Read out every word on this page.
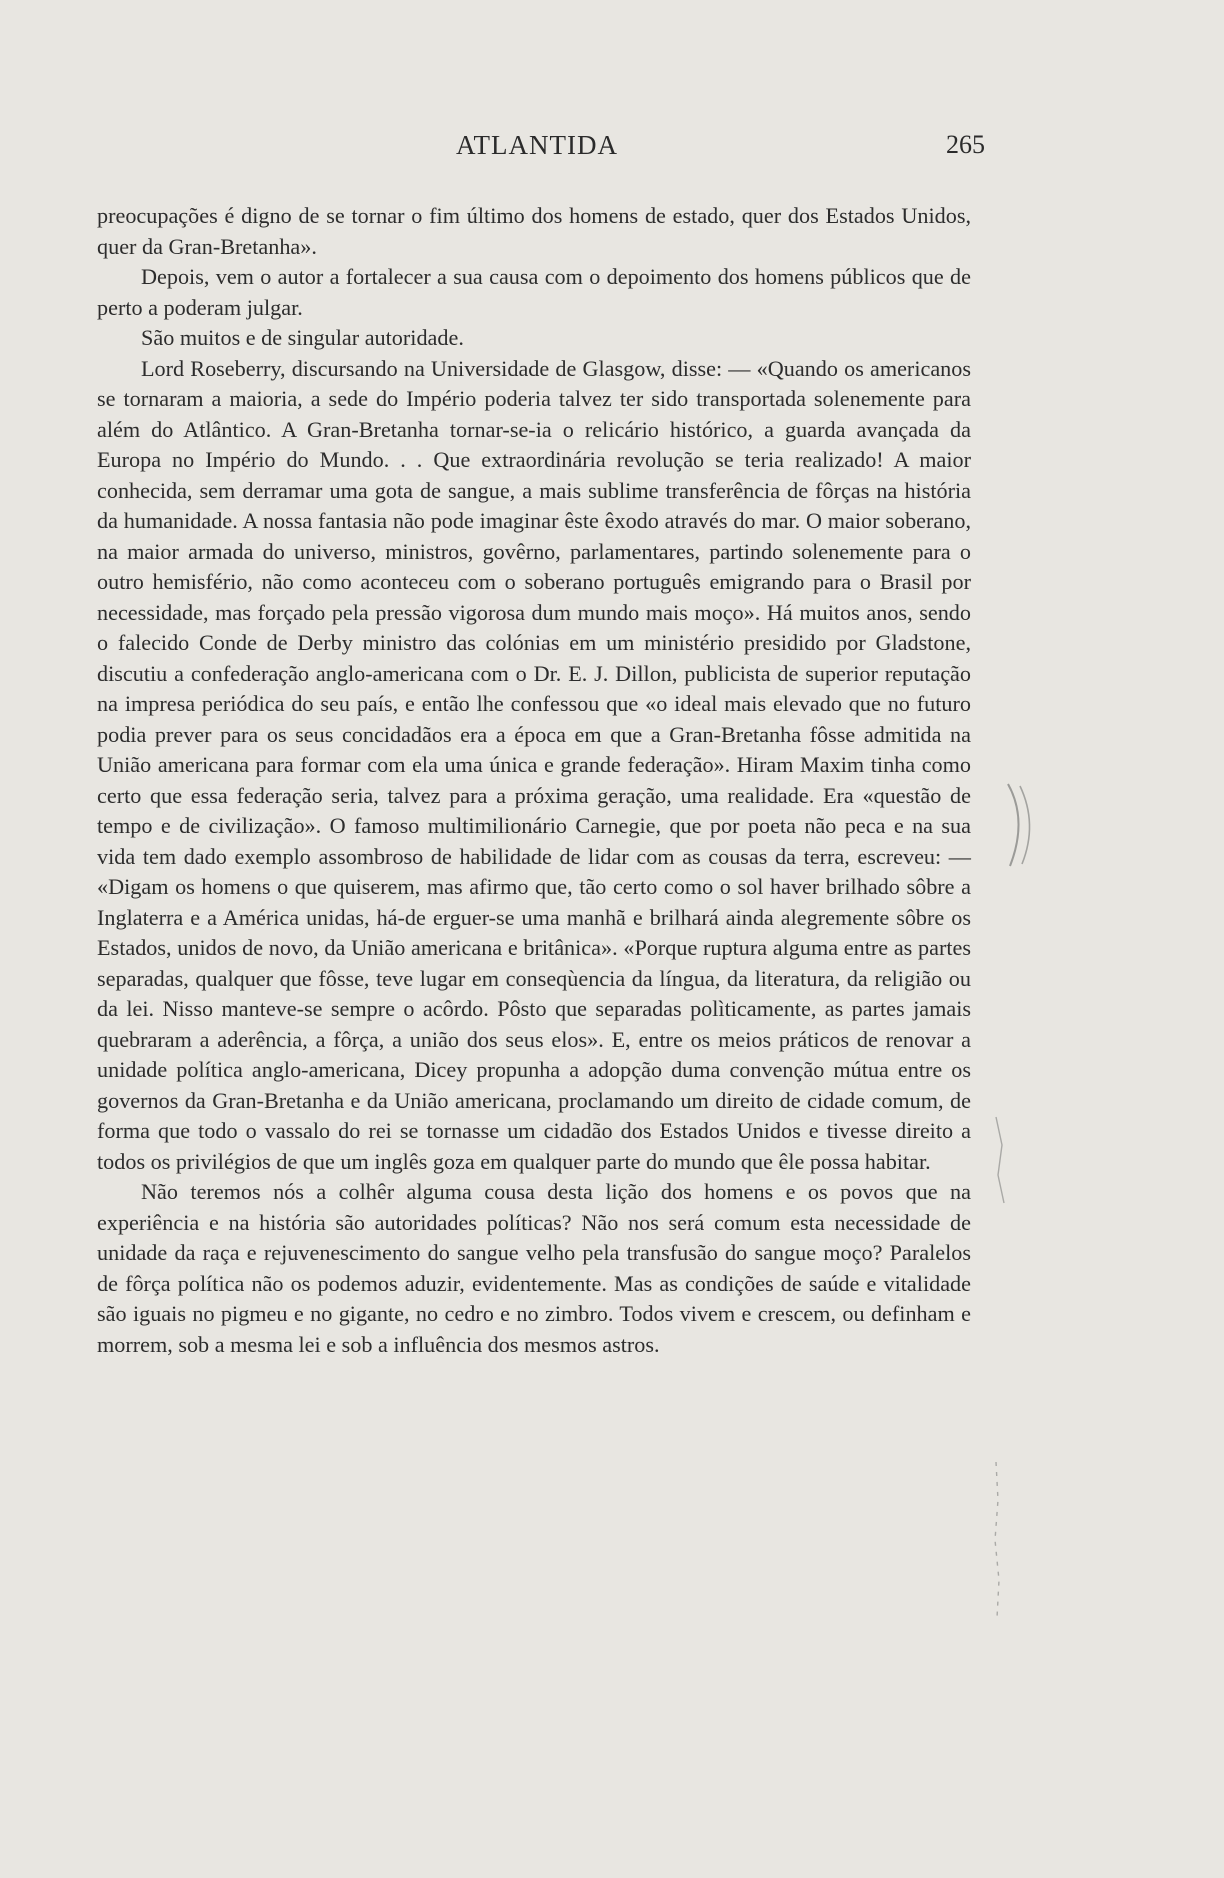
ATLANTIDA	265

preocupações é digno de se tornar o fim último dos homens de estado, quer dos Estados Unidos, quer da Gran-Bretanha».

Depois, vem o autor a fortalecer a sua causa com o depoimento dos homens públicos que de perto a poderam julgar.

São muitos e de singular autoridade.

Lord Roseberry, discursando na Universidade de Glasgow, disse: — «Quando os americanos se tornaram a maioria, a sede do Império poderia talvez ter sido transportada solenemente para além do Atlântico. A Gran-Bretanha tornar-se-ia o relicário histórico, a guarda avançada da Europa no Império do Mundo. . . Que extraordinária revolução se teria realizado! A maior conhecida, sem derramar uma gota de sangue, a mais sublime transferência de fôrças na história da humanidade. A nossa fantasia não pode imaginar êste êxodo através do mar. O maior soberano, na maior armada do universo, ministros, govêrno, parlamentares, partindo solenemente para o outro hemisfério, não como aconteceu com o soberano português emigrando para o Brasil por necessidade, mas forçado pela pressão vigorosa dum mundo mais moço». Há muitos anos, sendo o falecido Conde de Derby ministro das colónias em um ministério presidido por Gladstone, discutiu a confederação anglo-americana com o Dr. E. J. Dillon, publicista de superior reputação na impresa periódica do seu país, e então lhe confessou que «o ideal mais elevado que no futuro podia prever para os seus concidadãos era a época em que a Gran-Bretanha fôsse admitida na União americana para formar com ela uma única e grande federação». Hiram Maxim tinha como certo que essa federação seria, talvez para a próxima geração, uma realidade. Era «questão de tempo e de civilização». O famoso multimilionário Carnegie, que por poeta não peca e na sua vida tem dado exemplo assombroso de habilidade de lidar com as cousas da terra, escreveu: — «Digam os homens o que quiserem, mas afirmo que, tão certo como o sol haver brilhado sôbre a Inglaterra e a América unidas, há-de erguer-se uma manhã e brilhará ainda alegremente sôbre os Estados, unidos de novo, da União americana e britânica». «Porque ruptura alguma entre as partes separadas, qualquer que fôsse, teve lugar em conseqùencia da língua, da literatura, da religião ou da lei. Nisso manteve-se sempre o acôrdo. Pôsto que separadas polìticamente, as partes jamais quebraram a aderência, a fôrça, a união dos seus elos». E, entre os meios práticos de renovar a unidade política anglo-americana, Dicey propunha a adopção duma convenção mútua entre os governos da Gran-Bretanha e da União americana, proclamando um direito de cidade comum, de forma que todo o vassalo do rei se tornasse um cidadão dos Estados Unidos e tivesse direito a todos os privilégios de que um inglês goza em qualquer parte do mundo que êle possa habitar.

Não teremos nós a colhêr alguma cousa desta lição dos homens e os povos que na experiência e na história são autoridades políticas? Não nos será comum esta necessidade de unidade da raça e rejuvenescimento do sangue velho pela transfusão do sangue moço? Paralelos de fôrça política não os podemos aduzir, evidentemente. Mas as condições de saúde e vitalidade são iguais no pigmeu e no gigante, no cedro e no zimbro. Todos vivem e crescem, ou definham e morrem, sob a mesma lei e sob a influência dos mesmos astros.
